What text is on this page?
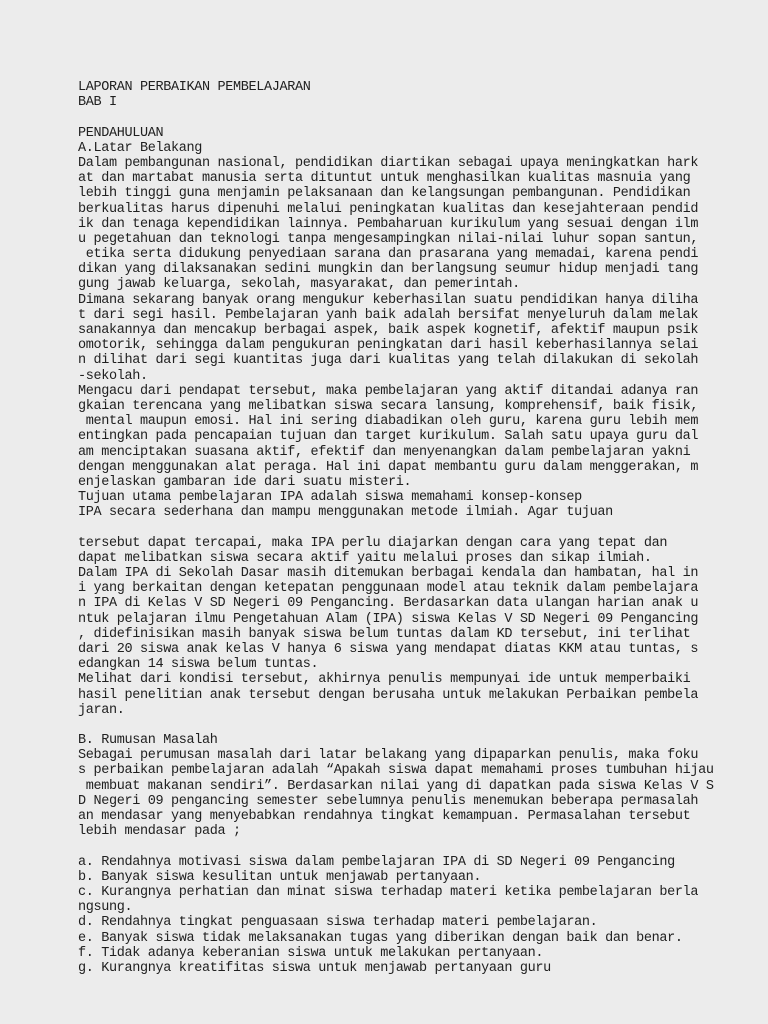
LAPORAN PERBAIKAN PEMBELAJARAN
BAB I
PENDAHULUAN
A.Latar Belakang
Dalam pembangunan nasional, pendidikan diartikan sebagai upaya meningkatkan hark
at dan martabat manusia serta dituntut untuk menghasilkan kualitas masnuia yang
lebih tinggi guna menjamin pelaksanaan dan kelangsungan pembangunan. Pendidikan
berkualitas harus dipenuhi melalui peningkatan kualitas dan kesejahteraan pendid
ik dan tenaga kependidikan lainnya. Pembaharuan kurikulum yang sesuai dengan ilm
u pegetahuan dan teknologi tanpa mengesampingkan nilai-nilai luhur sopan santun,
etika serta didukung penyediaan sarana dan prasarana yang memadai, karena pendi
dikan yang dilaksanakan sedini mungkin dan berlangsung seumur hidup menjadi tang
gung jawab keluarga, sekolah, masyarakat, dan pemerintah.
Dimana sekarang banyak orang mengukur keberhasilan suatu pendidikan hanya diliha
t dari segi hasil. Pembelajaran yanh baik adalah bersifat menyeluruh dalam melak
sanakannya dan mencakup berbagai aspek, baik aspek kognetif, afektif maupun psik
omotorik, sehingga dalam pengukuran peningkatan dari hasil keberhasilannya selai
n dilihat dari segi kuantitas juga dari kualitas yang telah dilakukan di sekolah
-sekolah.
Mengacu dari pendapat tersebut, maka pembelajaran yang aktif ditandai adanya ran
gkaian terencana yang melibatkan siswa secara lansung, komprehensif, baik fisik,
mental maupun emosi. Hal ini sering diabadikan oleh guru, karena guru lebih mem
entingkan pada pencapaian tujuan dan target kurikulum. Salah satu upaya guru dal
am menciptakan suasana aktif, efektif dan menyenangkan dalam pembelajaran yakni
dengan menggunakan alat peraga. Hal ini dapat membantu guru dalam menggerakan, m
enjelaskan gambaran ide dari suatu misteri.
Tujuan utama pembelajaran IPA adalah siswa memahami konsep-konsep
IPA secara sederhana dan mampu menggunakan metode ilmiah. Agar tujuan
tersebut dapat tercapai, maka IPA perlu diajarkan dengan cara yang tepat dan
dapat melibatkan siswa secara aktif yaitu melalui proses dan sikap ilmiah.
Dalam IPA di Sekolah Dasar masih ditemukan berbagai kendala dan hambatan, hal in
i yang berkaitan dengan ketepatan penggunaan model atau teknik dalam pembelajara
n IPA di Kelas V SD Negeri 09 Pengancing. Berdasarkan data ulangan harian anak u
ntuk pelajaran ilmu Pengetahuan Alam (IPA) siswa Kelas V SD Negeri 09 Pengancing
, didefinisikan masih banyak siswa belum tuntas dalam KD tersebut, ini terlihat
dari 20 siswa anak kelas V hanya 6 siswa yang mendapat diatas KKM atau tuntas, s
edangkan 14 siswa belum tuntas.
Melihat dari kondisi tersebut, akhirnya penulis mempunyai ide untuk memperbaiki
hasil penelitian anak tersebut dengan berusaha untuk melakukan Perbaikan pembela
jaran.
B. Rumusan Masalah
Sebagai perumusan masalah dari latar belakang yang dipaparkan penulis, maka foku
s perbaikan pembelajaran adalah “Apakah siswa dapat memahami proses tumbuhan hijau
membuat makanan sendiri”. Berdasarkan nilai yang di dapatkan pada siswa Kelas V S
D Negeri 09 pengancing semester sebelumnya penulis menemukan beberapa permasalah
an mendasar yang menyebabkan rendahnya tingkat kemampuan. Permasalahan tersebut
lebih mendasar pada ;
a. Rendahnya motivasi siswa dalam pembelajaran IPA di SD Negeri 09 Pengancing
b. Banyak siswa kesulitan untuk menjawab pertanyaan.
c. Kurangnya perhatian dan minat siswa terhadap materi ketika pembelajaran berla
ngsung.
d. Rendahnya tingkat penguasaan siswa terhadap materi pembelajaran.
e. Banyak siswa tidak melaksanakan tugas yang diberikan dengan baik dan benar.
f. Tidak adanya keberanian siswa untuk melakukan pertanyaan.
g. Kurangnya kreatifitas siswa untuk menjawab pertanyaan guru
